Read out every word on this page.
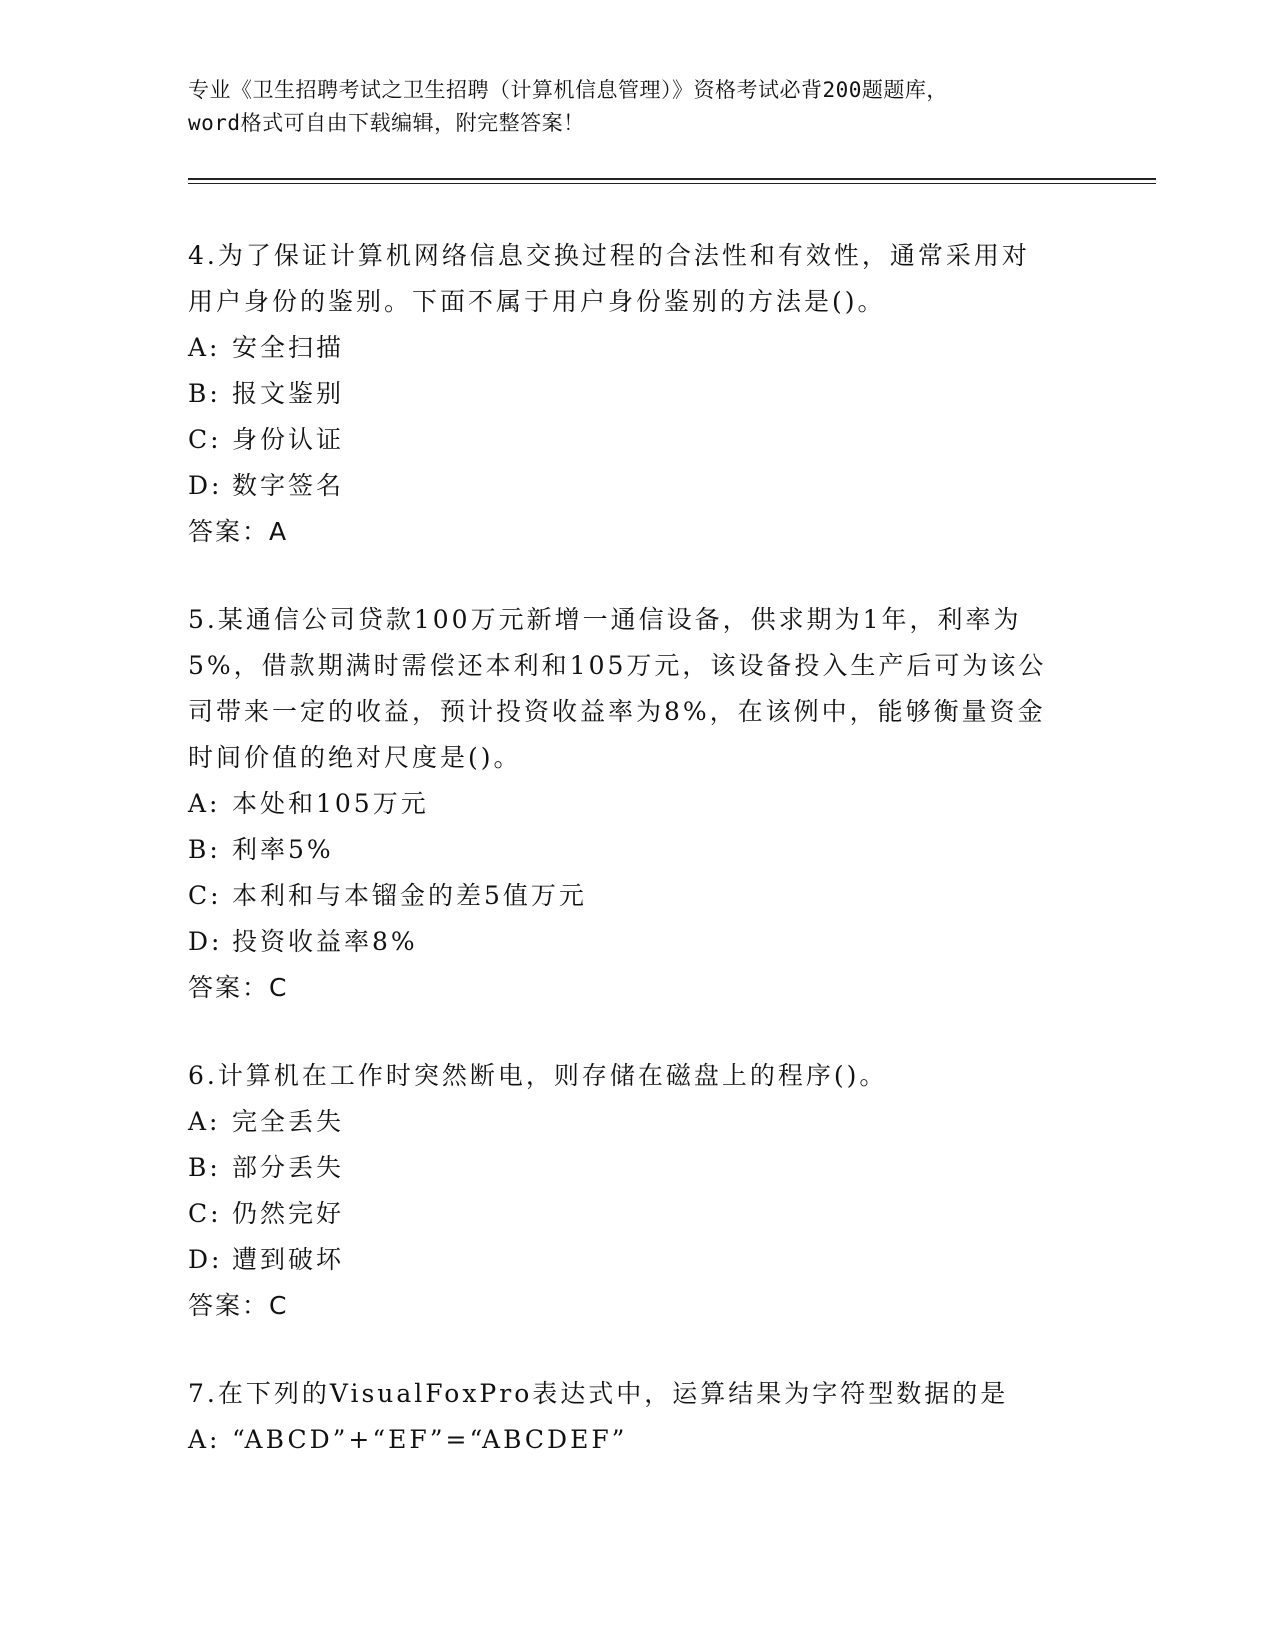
专业《卫生招聘考试之卫生招聘（计算机信息管理）》资格考试必背200题题库，
word格式可自由下载编辑，附完整答案！
4.为了保证计算机网络信息交换过程的合法性和有效性，通常采用对
用户身份的鉴别。下面不属于用户身份鉴别的方法是()。
A: 安全扫描
B: 报文鉴别
C: 身份认证
D: 数字签名
答案：A
5.某通信公司贷款100万元新增一通信设备，供求期为1年，利率为
5%，借款期满时需偿还本利和105万元，该设备投入生产后可为该公
司带来一定的收益，预计投资收益率为8%，在该例中，能够衡量资金
时间价值的绝对尺度是()。
A: 本处和105万元
B: 利率5%
C: 本利和与本镏金的差5值万元
D: 投资收益率8%
答案：C
6.计算机在工作时突然断电，则存储在磁盘上的程序()。
A: 完全丢失
B: 部分丢失
C: 仍然完好
D: 遭到破坏
答案：C
7.在下列的VisualFoxPro表达式中，运算结果为字符型数据的是
A: “ABCD”+“EF”=“ABCDEF”
